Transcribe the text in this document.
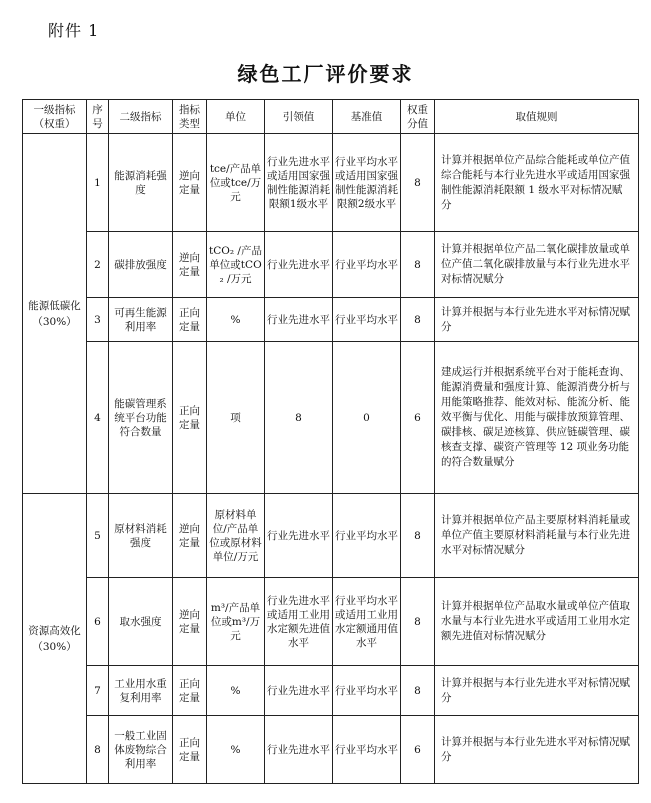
附件 1
绿色工厂评价要求
一级指标（权重）	序号	二级指标	指标类型	单位	引领值	基准值	权重分值	取值规则

能源低碳化
（30%）	1	能源消耗强度	逆向定量	tce/产品单位或tce/万元	行业先进水平或适用国家强制性能源消耗限额1级水平	行业平均水平或适用国家强制性能源消耗限额2级水平	8	计算并根据单位产品综合能耗或单位产值综合能耗与本行业先进水平或适用国家强制性能源消耗限额 1 级水平对标情况赋分
	2	碳排放强度	逆向定量	tCO₂ /产品单位或tCO₂ /万元	行业先进水平	行业平均水平	8	计算并根据单位产品二氧化碳排放量或单位产值二氧化碳排放量与本行业先进水平对标情况赋分
	3	可再生能源利用率	正向定量	%	行业先进水平	行业平均水平	8	计算并根据与本行业先进水平对标情况赋分
	4	能碳管理系统平台功能符合数量	正向定量	项	8	0	6	建成运行并根据系统平台对于能耗查询、能源消费量和强度计算、能源消费分析与用能策略推荐、能效对标、能流分析、能效平衡与优化、用能与碳排放预算管理、碳排核、碳足迹核算、供应链碳管理、碳核查支撑、碳资产管理等 12 项业务功能的符合数量赋分

资源高效化
（30%）	5	原材料消耗强度	逆向定量	原材料单位/产品单位或原材料单位/万元	行业先进水平	行业平均水平	8	计算并根据单位产品主要原材料消耗量或单位产值主要原材料消耗量与本行业先进水平对标情况赋分
	6	取水强度	逆向定量	m³/产品单位或m³/万元	行业先进水平或适用工业用水定额先进值水平	行业平均水平或适用工业用水定额通用值水平	8	计算并根据单位产品取水量或单位产值取水量与本行业先进水平或适用工业用水定额先进值对标情况赋分
	7	工业用水重复利用率	正向定量	%	行业先进水平	行业平均水平	8	计算并根据与本行业先进水平对标情况赋分
	8	一般工业固体废物综合利用率	正向定量	%	行业先进水平	行业平均水平	6	计算并根据与本行业先进水平对标情况赋分
